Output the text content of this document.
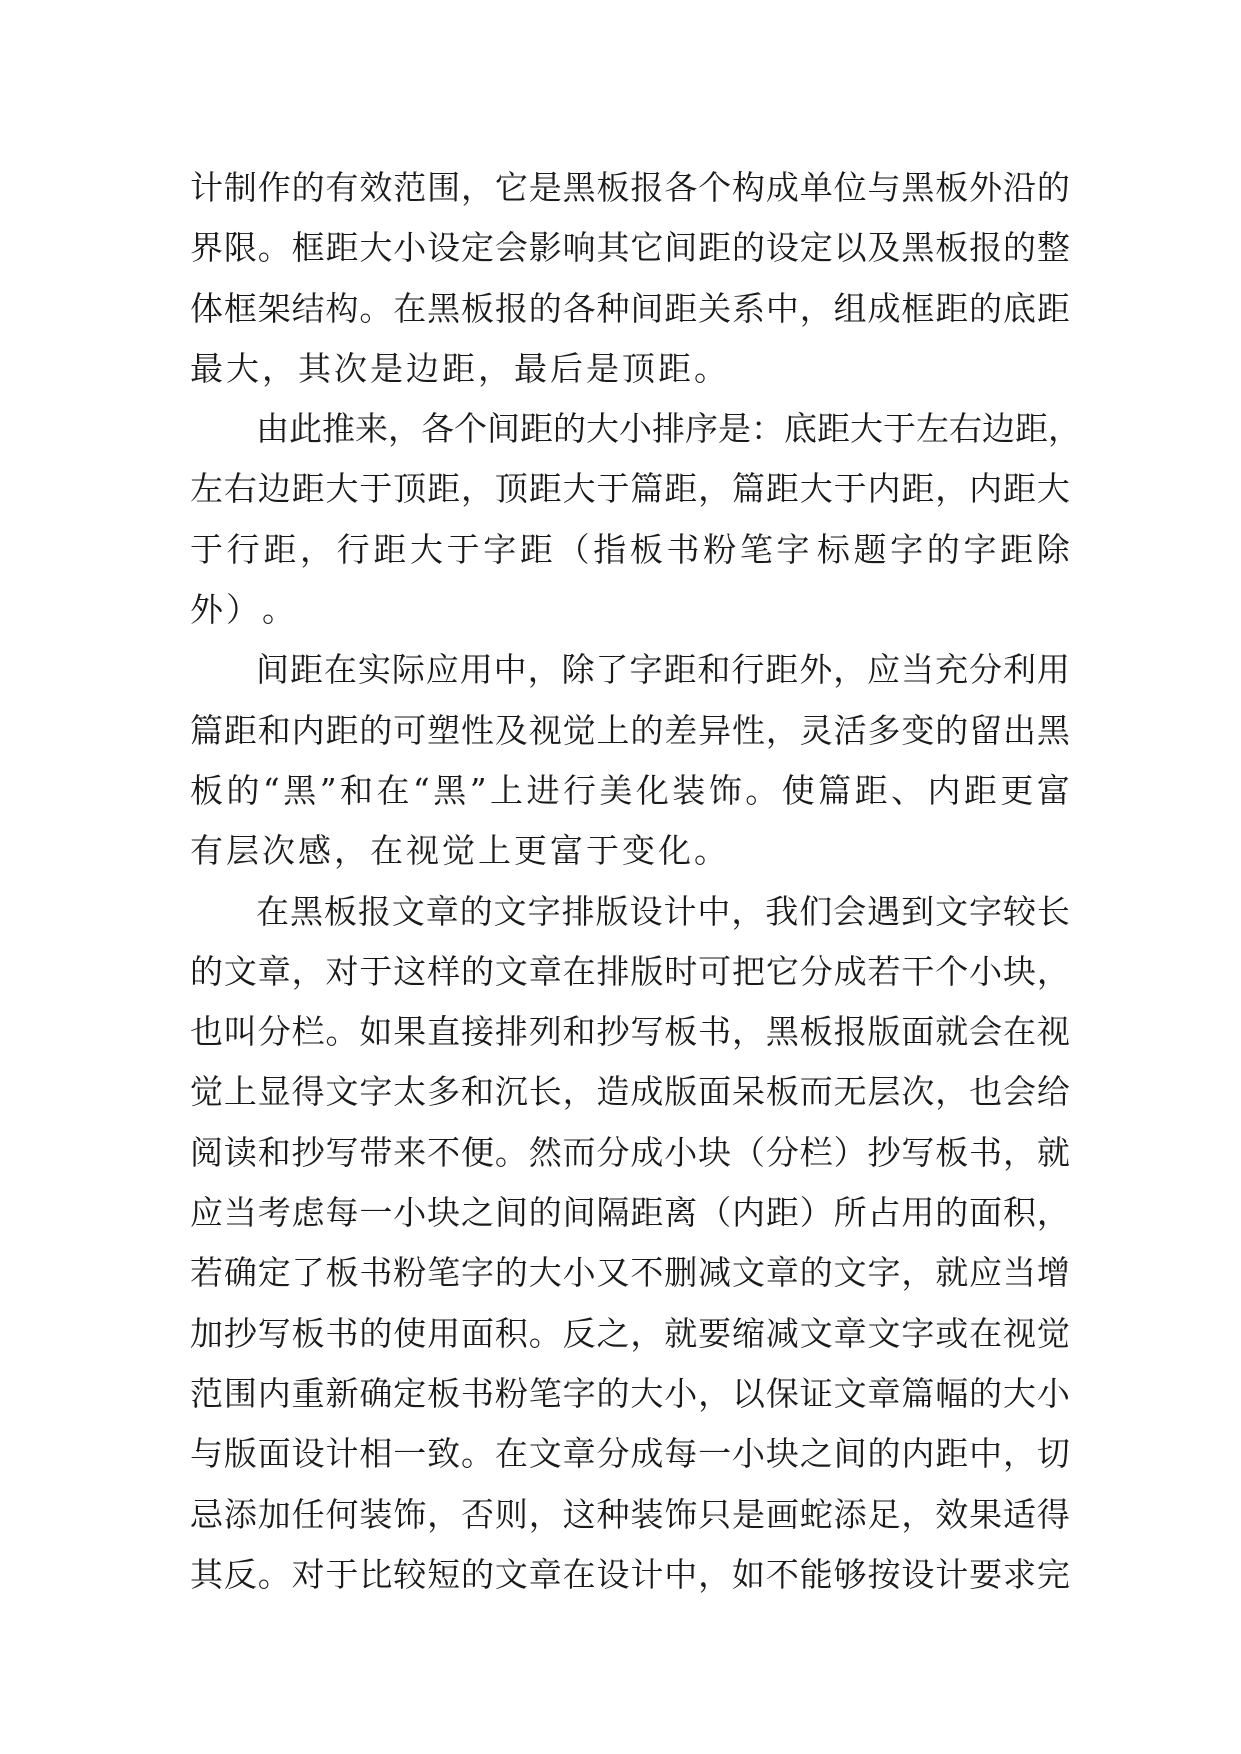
计 制 作 的 有 效 范 围 ， 它 是 黑 板 报 各 个 构 成 单 位 与 黑 板 外 沿 的
界 限 。 框 距 大 小 设 定 会 影 响 其 它 间 距 的 设 定 以 及 黑 板 报 的 整
体 框 架 结 构 。 在 黑 板 报 的 各 种 间 距 关 系 中 ， 组 成 框 距 的 底 距
最 大 ， 其 次 是 边 距 ， 最 后 是 顶 距 。
由 此 推 来 ， 各 个 间 距 的 大 小 排 序 是 ： 底 距 大 于 左 右 边 距 ，
左 右 边 距 大 于 顶 距 ， 顶 距 大 于 篇 距 ， 篇 距 大 于 内 距 ， 内 距 大
于 行 距 ， 行 距 大 于 字 距 （ 指 板 书 粉 笔 字 标 题 字 的 字 距 除
外 ） 。
间 距 在 实 际 应 用 中 ， 除 了 字 距 和 行 距 外 ， 应 当 充 分 利 用
篇 距 和 内 距 的 可 塑 性 及 视 觉 上 的 差 异 性 ， 灵 活 多 变 的 留 出 黑
板 的 “ 黑 ” 和 在 “ 黑 ” 上 进 行 美 化 装 饰 。 使 篇 距 、 内 距 更 富
有 层 次 感 ， 在 视 觉 上 更 富 于 变 化 。
在 黑 板 报 文 章 的 文 字 排 版 设 计 中 ， 我 们 会 遇 到 文 字 较 长
的 文 章 ， 对 于 这 样 的 文 章 在 排 版 时 可 把 它 分 成 若 干 个 小 块 ，
也 叫 分 栏 。 如 果 直 接 排 列 和 抄 写 板 书 ， 黑 板 报 版 面 就 会 在 视
觉 上 显 得 文 字 太 多 和 沉 长 ， 造 成 版 面 呆 板 而 无 层 次 ， 也 会 给
阅 读 和 抄 写 带 来 不 便 。 然 而 分 成 小 块 （ 分 栏 ） 抄 写 板 书 ， 就
应 当 考 虑 每 一 小 块 之 间 的 间 隔 距 离 （ 内 距 ） 所 占 用 的 面 积 ，
若 确 定 了 板 书 粉 笔 字 的 大 小 又 不 删 减 文 章 的 文 字 ， 就 应 当 增
加 抄 写 板 书 的 使 用 面 积 。 反 之 ， 就 要 缩 减 文 章 文 字 或 在 视 觉
范 围 内 重 新 确 定 板 书 粉 笔 字 的 大 小 ， 以 保 证 文 章 篇 幅 的 大 小
与 版 面 设 计 相 一 致 。 在 文 章 分 成 每 一 小 块 之 间 的 内 距 中 ， 切
忌 添 加 任 何 装 饰 ， 否 则 ， 这 种 装 饰 只 是 画 蛇 添 足 ， 效 果 适 得
其 反 。 对 于 比 较 短 的 文 章 在 设 计 中 ， 如 不 能 够 按 设 计 要 求 完
